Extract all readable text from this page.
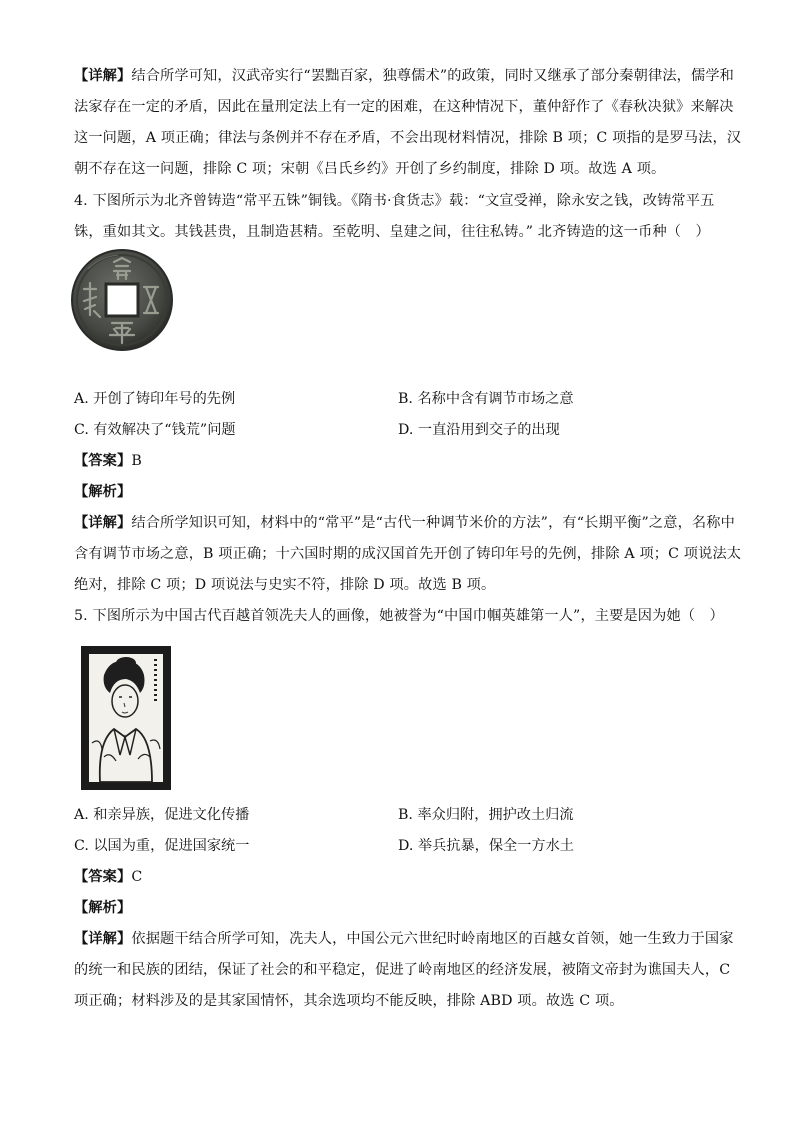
【详解】结合所学可知，汉武帝实行“罢黜百家，独尊儒术”的政策，同时又继承了部分秦朝律法，儒学和
法家存在一定的矛盾，因此在量刑定法上有一定的困难，在这种情况下，董仲舒作了《春秋决狱》来解决
这一问题，A 项正确；律法与条例并不存在矛盾，不会出现材料情况，排除 B 项；C 项指的是罗马法，汉
朝不存在这一问题，排除 C 项；宋朝《吕氏乡约》开创了乡约制度，排除 D 项。故选 A 项。
4. 下图所示为北齐曾铸造“常平五铢”铜钱。《隋书·食货志》载：“文宣受禅，除永安之钱，改铸常平五
铢，重如其文。其钱甚贵，且制造甚精。至乾明、皇建之间，往往私铸。” 北齐铸造的这一币种（　）
A. 开创了铸印年号的先例	B. 名称中含有调节市场之意
C. 有效解决了“钱荒”问题	D. 一直沿用到交子的出现
【答案】B
【解析】
【详解】结合所学知识可知，材料中的“常平”是“古代一种调节米价的方法”，有“长期平衡”之意，名称中
含有调节市场之意，B 项正确；十六国时期的成汉国首先开创了铸印年号的先例，排除 A 项；C 项说法太
绝对，排除 C 项；D 项说法与史实不符，排除 D 项。故选 B 项。
5. 下图所示为中国古代百越首领冼夫人的画像，她被誉为“中国巾帼英雄第一人”，主要是因为她（　）
A. 和亲异族，促进文化传播	B. 率众归附，拥护改土归流
C. 以国为重，促进国家统一	D. 举兵抗暴，保全一方水土
【答案】C
【解析】
【详解】依据题干结合所学可知，冼夫人，中国公元六世纪时岭南地区的百越女首领，她一生致力于国家
的统一和民族的团结，保证了社会的和平稳定，促进了岭南地区的经济发展，被隋文帝封为谯国夫人，C
项正确；材料涉及的是其家国情怀，其余选项均不能反映，排除 ABD 项。故选 C 项。
